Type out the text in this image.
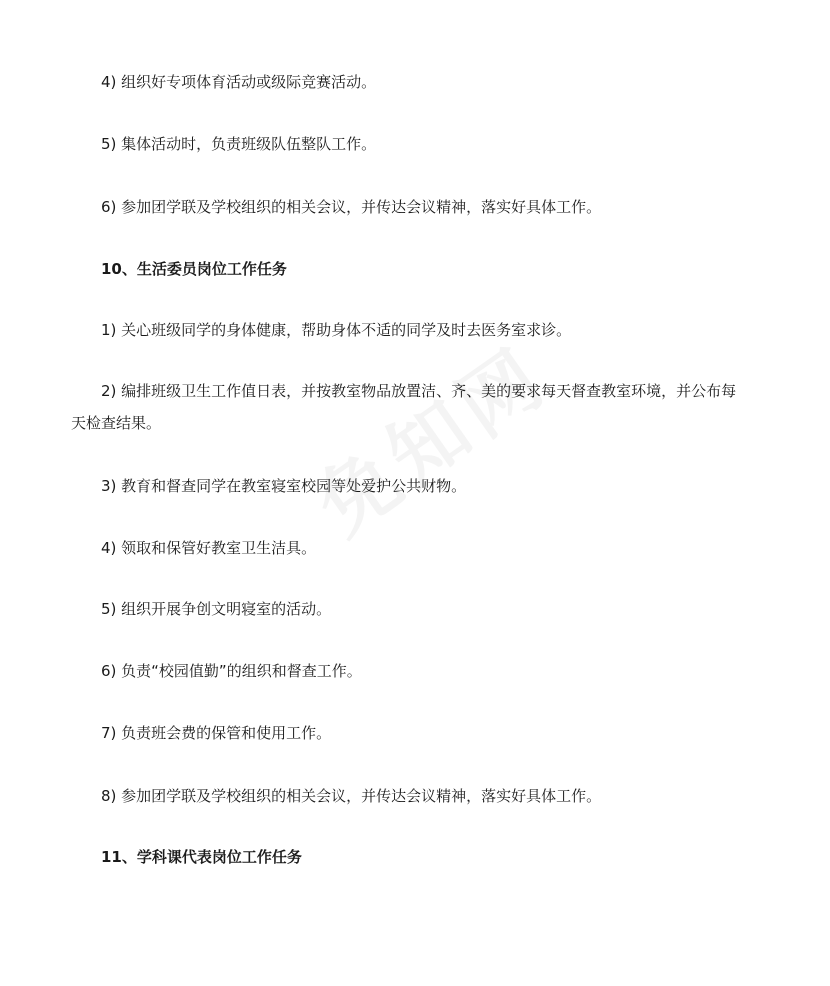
4) 组织好专项体育活动或级际竞赛活动。

5) 集体活动时，负责班级队伍整队工作。

6) 参加团学联及学校组织的相关会议，并传达会议精神，落实好具体工作。

10、生活委员岗位工作任务

1) 关心班级同学的身体健康，帮助身体不适的同学及时去医务室求诊。

2) 编排班级卫生工作值日表，并按教室物品放置洁、齐、美的要求每天督查教室环境，并公布每

天检查结果。

3) 教育和督查同学在教室寝室校园等处爱护公共财物。

4) 领取和保管好教室卫生洁具。

5) 组织开展争创文明寝室的活动。

6) 负责“校园值勤”的组织和督查工作。

7) 负责班会费的保管和使用工作。

8) 参加团学联及学校组织的相关会议，并传达会议精神，落实好具体工作。

11、学科课代表岗位工作任务
